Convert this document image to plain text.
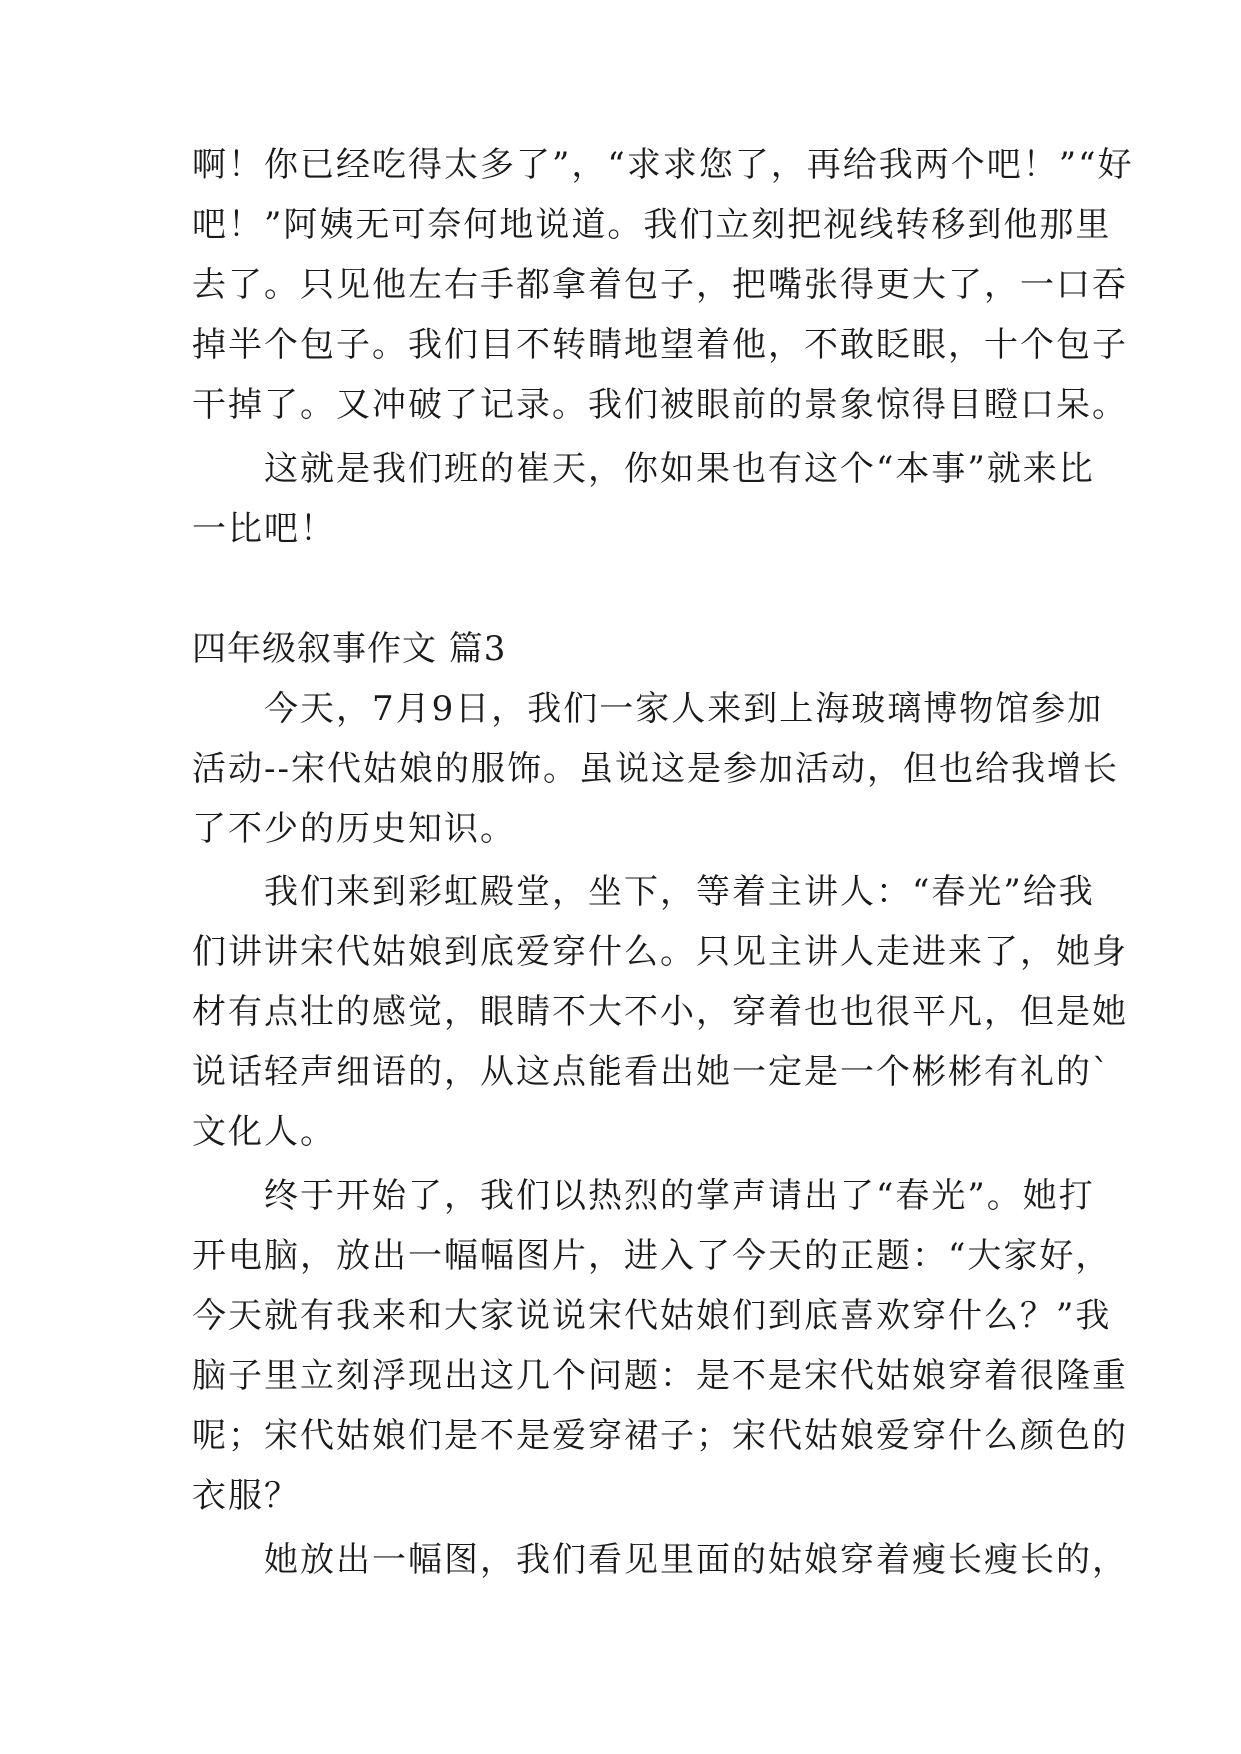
啊！你已经吃得太多了”，“求求您了，再给我两个吧！”“好
吧！”阿姨无可奈何地说道。我们立刻把视线转移到他那里
去了。只见他左右手都拿着包子，把嘴张得更大了，一口吞
掉半个包子。我们目不转睛地望着他，不敢眨眼，十个包子
干掉了。又冲破了记录。我们被眼前的景象惊得目瞪口呆。
　　这就是我们班的崔天，你如果也有这个“本事”就来比
一比吧！
四年级叙事作文 篇3
　　今天，7月9日，我们一家人来到上海玻璃博物馆参加
活动--宋代姑娘的服饰。虽说这是参加活动，但也给我增长
了不少的历史知识。
　　我们来到彩虹殿堂，坐下，等着主讲人：“春光”给我
们讲讲宋代姑娘到底爱穿什么。只见主讲人走进来了，她身
材有点壮的感觉，眼睛不大不小，穿着也也很平凡，但是她
说话轻声细语的，从这点能看出她一定是一个彬彬有礼的`
文化人。
　　终于开始了，我们以热烈的掌声请出了“春光”。她打
开电脑，放出一幅幅图片，进入了今天的正题：“大家好，
今天就有我来和大家说说宋代姑娘们到底喜欢穿什么？”我
脑子里立刻浮现出这几个问题：是不是宋代姑娘穿着很隆重
呢；宋代姑娘们是不是爱穿裙子；宋代姑娘爱穿什么颜色的
衣服？
　　她放出一幅图，我们看见里面的姑娘穿着瘦长瘦长的，
